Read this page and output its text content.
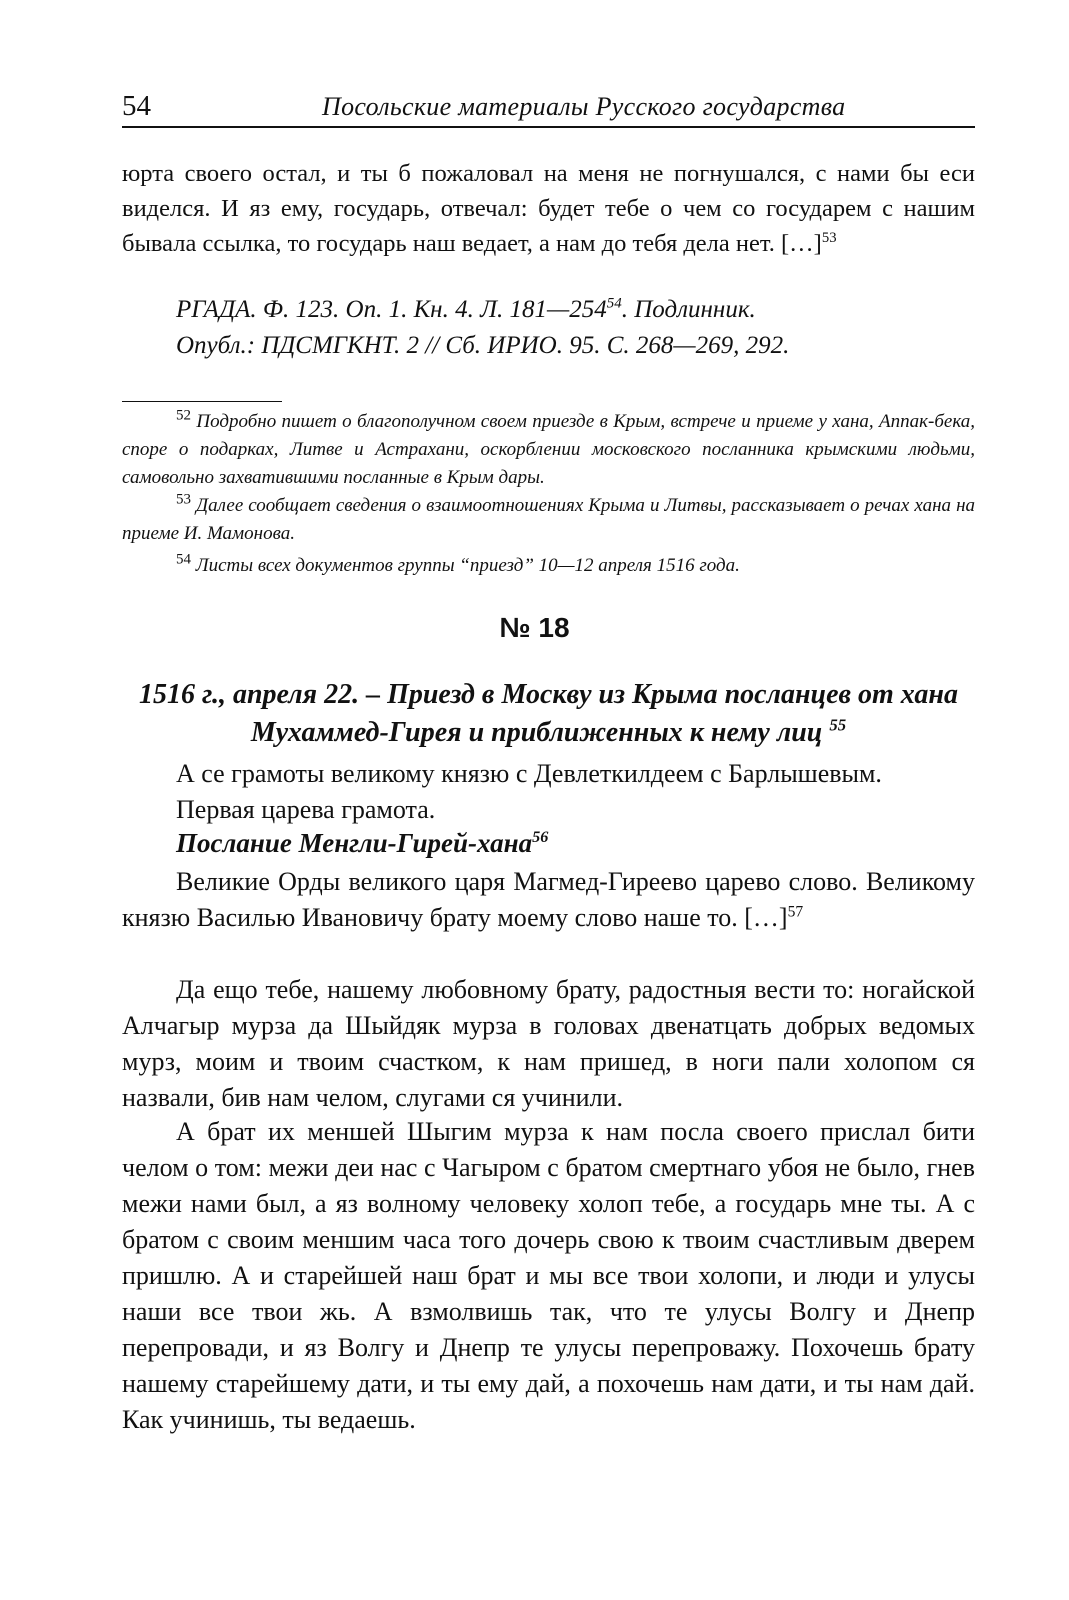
54	Посольские материалы Русского государства

юрта своего остал, и ты б пожаловал на меня не погнушался, с нами бы еси виделся. И яз ему, государь, отвечал: будет тебе о чем со государем с нашим бывала ссылка, то государь наш ведает, а нам до тебя дела нет. […]$^{53}$

РГАДА. Ф. 123. Оп. 1. Кн. 4. Л. $181—254^{54}$. Подлинник.
Опубл.: ПДСМГКНТ. 2 // Сб. ИРИО. 95. С. 268—269, 292.

$^{52}$ Подробно пишет о благополучном своем приезде в Крым, встрече и приеме у хана, Аппак-бека, споре о подарках, Литве и Астрахани, оскорблении московского посланника крымскими людьми, самовольно захватившими посланные в Крым дары.

$^{53}$ Далее сообщает сведения о взаимоотношениях Крыма и Литвы, рассказывает о речах хана на приеме И. Мамонова.

$^{54}$ Листы всех документов группы “приезд” 10—12 апреля 1516 года.

№ 18

1516 г., апреля 22. – Приезд в Москву из Крыма посланцев от хана Мухаммед-Гирея и приближенных к нему лиц $^{55}$

А се грамоты великому князю с Девлеткилдеем с Барлышевым.

Первая царева грамота.

Послание Менгли-Гирей-хана$^{56}$

Великие Орды великого царя Магмед-Гиреево царево слово. Великому князю Василью Ивановичу брату моему слово наше то. […]$^{57}$

Да ещо тебе, нашему любовному брату, радостныя вести то: ногайской Алчагыр мурза да Шыйдяк мурза в головах двенатцать добрых ведомых мурз, моим и твоим счастком, к нам пришед, в ноги пали холопом ся назвали, бив нам челом, слугами ся учинили.

А брат их меншей Шыгим мурза к нам посла своего прислал бити челом о том: межи деи нас с Чагыром с братом смертнаго убоя не было, гнев межи нами был, а яз волному человеку холоп тебе, а государь мне ты. А с братом с своим меншим часа того дочерь свою к твоим счастливым дверем пришлю. А и старейшей наш брат и мы все твои холопи, и люди и улусы наши все твои жь. А взмолвишь так, что те улусы Волгу и Днепр перепровади, и яз Волгу и Днепр те улусы перепроважу. Похочешь брату нашему старейшему дати, и ты ему дай, а похочешь нам дати, и ты нам дай. Как учинишь, ты ведаешь.
